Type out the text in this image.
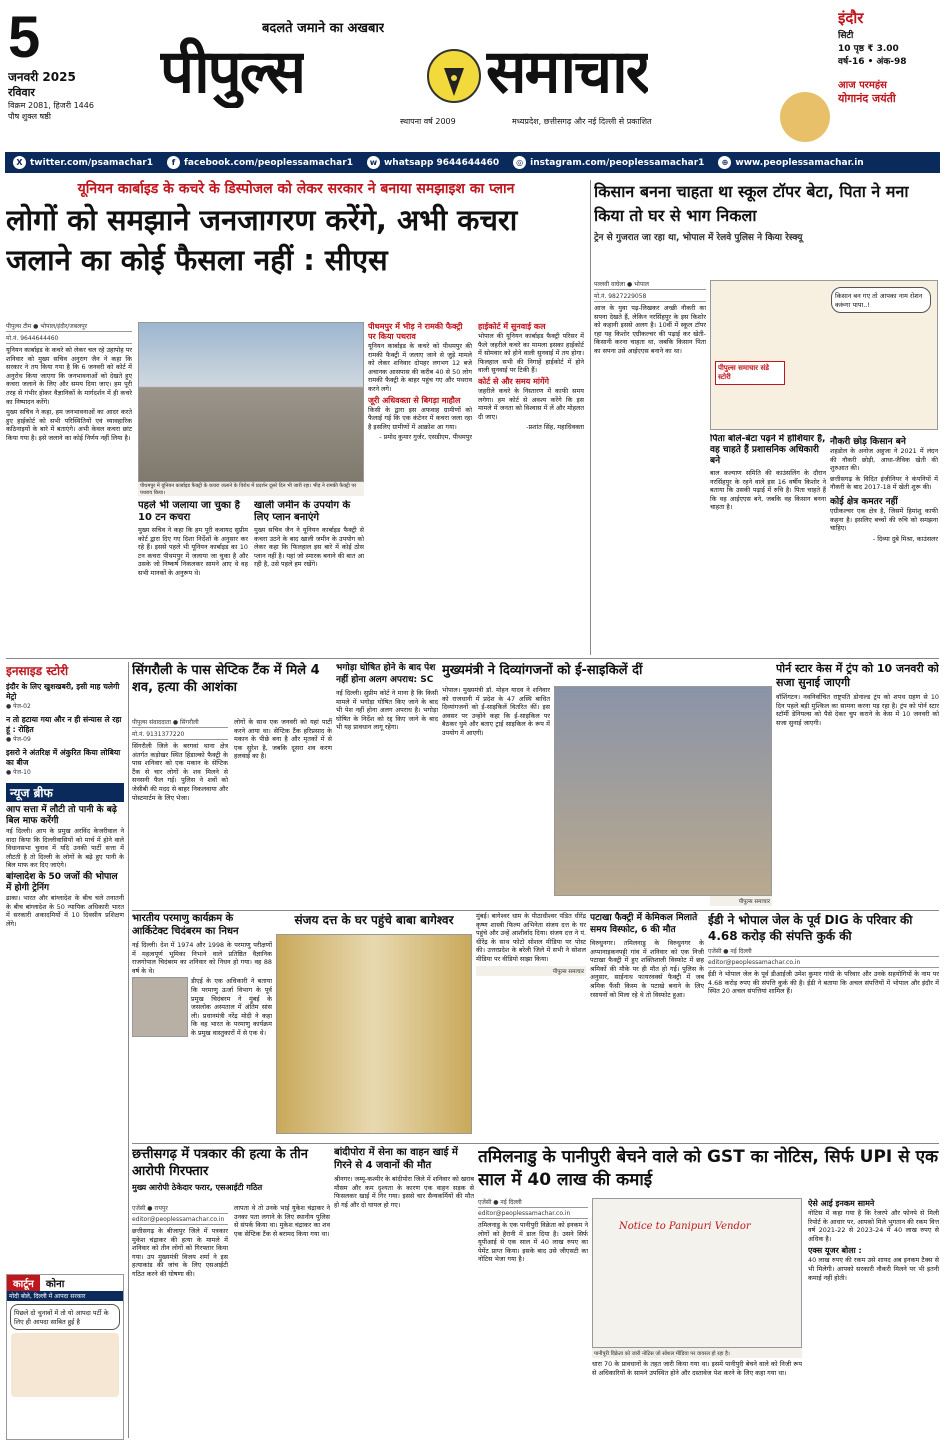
5
जनवरी 2025
रविवार
विक्रम 2081, हिजरी 1446
पौष शुक्ल षष्ठी
बदलते जमाने का अखबार
पीपुल्स	समाचार
स्थापना वर्ष 2009	मध्यप्रदेश, छत्तीसगढ़ और नई दिल्ली से प्रकाशित
इंदौर
सिटी
10 पृष्ठ ₹ 3.00
वर्ष-16 • अंक-98
आज परमहंस
योगानंद जयंती
X twitter.com/psamachar1	f facebook.com/peoplessamachar1	w whatsapp 9644644460	◎ instagram.com/peoplessamachar1	⊕ www.peoplessamachar.in
यूनियन कार्बाइड के कचरे के डिस्पोजल को लेकर सरकार ने बनाया समझाइश का प्लान
लोगों को समझाने जनजागरण करेंगे, अभी कचरा जलाने का कोई फैसला नहीं : सीएस
पीपुल्स टीम ● भोपाल/इंदौर/जबलपुर
मो.नं. 9644644460

यूनियन कार्बाइड के कचरे को लेकर चल रहे उहापोह पर शनिवार को मुख्य सचिव अनुराग जैन ने कहा कि सरकार ने तय किया गया है कि 6 जनवरी को कोर्ट में अनुरोध किया जाएगा कि जनभावनाओं को देखते हुए कचरा जलाने के लिए और समय दिया जाए। हम पूरी तरह से गंभीर होकर वैज्ञानिकों के मार्गदर्शन में ही कचरे का निष्पादन करेंगे।

मुख्य सचिव ने कहा, हम जनभावनाओं का आदर करते हुए हाईकोर्ट को सभी परिस्थितियों एवं व्यावहारिक कठिनाइयों के बारे में बताएंगे। अभी केवल कचरा छांट किया गया है। इसे जलाने का कोई निर्णय नहीं लिया है।

पीथमपुर में यूनियन कार्बाइड फैक्ट्री के कचरा जलाने के विरोध में प्रदर्शन दूसरे दिन भी जारी रहा। भीड़ ने रामकी फैक्ट्री पर पथराव किया।
पहले भी जलाया जा चुका है 10 टन कचरा

मुख्य सचिव ने कहा कि हम पूरी कवायद सुप्रीम कोर्ट द्वारा दिए गए दिशा निर्देशों के अनुसार कर रहे हैं। इससे पहले भी यूनियन कार्बाइड का 10 टन कचरा पीथमपुर में जलाया जा चुका है और उसके जो निष्कर्ष निकलकर सामने आए थे वह सभी मानकों के अनुरूप थे।

खाली जमीन के उपयोग के लिए प्लान बनाएंगे

मुख्य सचिव जैन ने यूनियन कार्बाइड फैक्ट्री से कचरा उठने के बाद खाली जमीन के उपयोग को लेकर कहा कि फिलहाल इस बारे में कोई ठोस प्लान नहीं है। यहां जो स्मारक बनाने की बात आ रही है, उसे पहले हम रखेंगे।

पीथमपुर में भीड़ ने रामकी फैक्ट्री पर किया पथराव

यूनियन कार्बाइड के कचरे को पीथमपुर की रामकी फैक्ट्री में जलाए जाने से जुड़े मामले को लेकर शनिवार दोपहर लगभग 12 बजे अचानक आसपास की करीब 40 से 50 लोग रामकी फैक्ट्री के बाहर पहुंच गए और पथराव करने लगे।

जूरी अधिवक्ता से बिगड़ा माहौल

किसी के द्वारा इस अफवाह ग्रामीणों को फैलाई गई कि एक कंटेनर में कचरा जला रहा है इसलिए ग्रामीणों में आक्रोश आ गया।

- प्रमोद कुमार गुर्जर, एसडीएम, पीथमपुर

हाईकोर्ट में सुनवाई कल

भोपाल की यूनियन कार्बाइड फैक्ट्री परिसर में फैले जहरीले कचरे का मामला इसका हाईकोर्ट में सोमवार को होने वाली सुनवाई में तय होगा। फिलहाल सभी की निगाहें हाईकोर्ट में होने वाली सुनवाई पर टिकी हैं।

कोर्ट से और समय मांगेंगे

जहरीले कचरे के निस्तारण में काफी समय लगेगा। हम कोर्ट से अवश्य करेंगे कि इस मामले में जनता को विश्वास में लें और मोहलत दी जाए।

-प्रशांत सिंह, महाधिवक्ता

किसान बनना चाहता था स्कूल टॉपर बेटा, पिता ने मना किया तो घर से भाग निकला
ट्रेन से गुजरात जा रहा था, भोपाल में रेलवे पुलिस ने किया रेस्क्यू
पल्लवी वाघेला ● भोपाल
मो.नं. 9827229058

आज के युवा पढ़-लिखकर अच्छी नौकरी का सपना देखते हैं, लेकिन नरसिंहपुर के इस किशोर को कहानी इससे अलग है। 10वीं में स्कूल टॉपर रहा यह किशोर एग्रीकल्चर की पढ़ाई कर खेती-किसानी करना चाहता था, जबकि किसान पिता का सपना उसे आईएएस बनाने का था।

किसान बन गए तो आपका नाम रोशन करूंगा पापा..!
पीपुल्स समाचार संडे स्टोरी
पिता बोले-बेटा पढ़ने में होशियार है, वह चाहते हैं प्रशासनिक अधिकारी बने

बाल कल्याण समिति की काउंसलिंग के दौरान नरसिंहपुर के रहने वाले इस 16 वर्षीय किशोर ने बताया कि उसकी पढ़ाई में रुचि है। पिता चाहते हैं कि वह आईएएस बने, जबकि वह किसान बनना चाहता है।

नौकरी छोड़ किसान बने

शहडोल के अनोज अहुजा ने 2021 में लंदन की नौकरी छोड़ी, आधा-जैविक खेती की शुरुआत की।

छत्तीसगढ़ के विदित इंजीनियर ने कंपनियों में नौकरी के बाद 2017-18 में खेती शुरू की।

कोई क्षेत्र कमतर नहीं

एग्रीकल्चर एक क्षेत्र है, जिसमें हिमांशु काफी कहना है। इसलिए बच्चों की रुचि को समझना चाहिए।

- दिव्या दुबे मिश्रा, काउंसलर

इनसाइड स्टोरी
इंदौर के लिए खुशखबरी, इसी माह चलेगी मेट्रो
● पेज-02
न तो हटाया गया और न ही संन्यास ले रहा हूं : रोहित
● पेज-09
इसरो ने अंतरिक्ष में अंकुरित किया लोबिया का बीज
● पेज-10
न्यूज ब्रीफ
आप सत्ता में लौटी तो पानी के बढ़े बिल माफ करेंगी

नई दिल्ली। आप के प्रमुख अरविंद केजरीवाल ने वादा किया कि दिल्लीवासियों को मार्च में होने वाले विधानसभा चुनाव में यदि उनकी पार्टी सत्ता में लौटती है तो दिल्ली के लोगों के बढ़े हुए पानी के बिल माफ कर दिए जाएंगे।

बांग्लादेश के 50 जजों की भोपाल में होगी ट्रेनिंग

ढाका। भारत और बांग्लादेश के बीच चले तनातनी के बीच बांग्लादेश के 50 न्यायिक अधिकारी भारत में सरकारी अकादमियों में 10 दिवसीय प्रशिक्षण लेंगे।

कार्टून	कोना
मोदी बोले, दिल्ली में आपदा सरकार
पिछले दो चुनावों में तो यो आपदा पर्टी के लिए ही आपदा साबित हुई है
सिंगरौली के पास सेप्टिक टैंक में मिले 4 शव, हत्या की आशंका
पीपुल्स संवाददाता ● सिंगरौली
मो.नं. 9131377220

सिंगरौली जिले के बरगवां थाना क्षेत्र अंतर्गत कड़ोखर स्थित हिंडाल्को फैक्ट्री के पास शनिवार को एक मकान के सेप्टिक टैंक से चार लोगों के शव मिलने से सनसनी फैल गई। पुलिस ने शवों को जेसीबी की मदद से बाहर निकलवाया और पोस्टमार्टम के लिए भेजा।

लोगों के साथ एक जनवरी को यहां पार्टी करने आया था। सेप्टिक टैंक हरिप्रसाद के मकान के पीछे बना है और मृतकों में से एक सुरेश है, जबकि दूसरा शव करण हलवाई का है।

भगोड़ा घोषित होने के बाद पेश नहीं होना अलग अपराध: SC

नई दिल्ली। सुप्रीम कोर्ट ने माना है कि किसी मामले में भगोड़ा घोषित किए जाने के बाद भी पेश नहीं होना अलग अपराध है। भगोड़ा घोषित के निर्देश को रद्द किए जाने के बाद भी यह प्रावधान लागू रहेगा।

मुख्यमंत्री ने दिव्यांगजनों को ई-साइकिलें दीं

भोपाल। मुख्यमंत्री डॉ. मोहन यादव ने शनिवार को राजधानी में प्रदेश के 47 अस्थि बाधित दिव्यांगजनों को ई-साइकिलें वितरित कीं। इस अवसर पर उन्होंने कहा कि ई-साइकिल पर बैठकर घुमे और बताए ट्राई साइकिल के रूप में उपयोग में आएगी।

पीपुल्स समाचार
पोर्न स्टार केस में ट्रंप को 10 जनवरी को सजा सुनाई जाएगी

वॉशिंगटन। नवनिर्वाचित राष्ट्रपति डोनाल्ड ट्रंप को शपथ ग्रहण से 10 दिन पहले बड़ी मुश्किल का सामना करना पड़ रहा है। ट्रंप को पोर्न स्टार स्टॉर्मी डेनियल्स को पैसे देकर चुप कराने के केस में 10 जनवरी को सजा सुनाई जाएगी।

भारतीय परमाणु कार्यक्रम के आर्किटेक्ट चिदंबरम का निधन

नई दिल्ली। देश में 1974 और 1998 के परमाणु परीक्षणों में महत्वपूर्ण भूमिका निभाने वाले प्रतिष्ठित वैज्ञानिक राजगोपाल चिदंबरम का शनिवार को निधन हो गया। वह 88 वर्ष के थे।

डीएई के एक अधिकारी ने बताया कि परमाणु ऊर्जा विभाग के पूर्व प्रमुख चिदंबरम ने मुंबई के जसलोक अस्पताल में अंतिम सांस ली। प्रधानमंत्री नरेंद्र मोदी ने कहा कि वह भारत के परमाणु कार्यक्रम के प्रमुख वास्तुकारों में से एक थे।

संजय दत्त के घर पहुंचे बाबा बागेश्वर	मुंबई। बागेश्वर धाम के पीठाधीश्वर पंडित धीरेंद्र कृष्ण शास्त्री फिल्म अभिनेता संजय दत्त के घर पहुंचे और उन्हें आशीर्वाद दिया। संजय दत्त ने पं. धीरेंद्र के साथ फोटो सोशल मीडिया पर पोस्ट की। उत्तरप्रदेश के बरेली जिले में सभी ने सोशल मीडिया पर वीडियो साझा किया।

पीपुल्स समाचार
पटाखा फैक्ट्री में केमिकल मिलाते समय विस्फोट, 6 की मौत

विरुधुनगर। तमिलनाडु के विरुधुनगर के अप्पानाइकनपट्टी गांव में शनिवार को एक निजी पटाखा फैक्ट्री में हुए शक्तिशाली विस्फोट में छह श्रमिकों की मौके पर ही मौत हो गई। पुलिस के अनुसार, साईनाथ फायरवर्क्स फैक्ट्री में जब श्रमिक फैंसी किस्म के पटाखे बनाने के लिए रसायनों को मिला रहे थे तो विस्फोट हुआ।

ईडी ने भोपाल जेल के पूर्व DIG के परिवार की 4.68 करोड़ की संपत्ति कुर्क की
एजेंसी ● नई दिल्ली
editor@peoplessamachar.co.in

ईडी ने भोपाल जेल के पूर्व डीआईजी उमेश कुमार गांधी के परिवार और उनके सहयोगियों के नाम पर 4.68 करोड़ रुपए की संपत्ति कुर्क की है। ईडी ने बताया कि अचल संपत्तियों में भोपाल और इंदौर में स्थित 20 अचल संपत्तियां शामिल हैं।

छत्तीसगढ़ में पत्रकार की हत्या के तीन आरोपी गिरफ्तार
मुख्य आरोपी ठेकेदार फरार, एसआईटी गठित
एजेंसी ● रायपुर
editor@peoplessamachar.co.in

छत्तीसगढ़ के बीजापुर जिले में पत्रकार मुकेश चंद्राकर की हत्या के मामले में शनिवार को तीन लोगों को गिरफ्तार किया गया। उप मुख्यमंत्री विजय शर्मा ने इस हत्याकांड की जांच के लिए एसआईटी गठित करने की घोषणा की।

लापता थे तो उनके भाई युकेश चंद्राकर ने उनका पता लगाने के लिए स्थानीय पुलिस से संपर्क किया था। मुकेश चंद्राकर का शव एक सेप्टिक टैंक से बरामद किया गया था।

बांदीपोरा में सेना का वाहन खाई में गिरने से 4 जवानों की मौत

श्रीनगर। जम्मू-कश्मीर के बांदीपोरा जिले में शनिवार को खराब मौसम और कम दृश्यता के कारण एक वाहन सड़क से फिसलकर खाई में गिर गया। इससे चार सैन्यकर्मियों की मौत हो गई और दो घायल हो गए।

तमिलनाडु के पानीपुरी बेचने वाले को GST का नोटिस, सिर्फ UPI से एक साल में 40 लाख की कमाई
एजेंसी ● नई दिल्ली
editor@peoplessamachar.co.in

तमिलनाडु के एक पानीपुरी विक्रेता को इनकम ने लोगों को हैरानी में डाल दिया है। उसने सिर्फ यूपीआई से एक साल में 40 लाख रुपए का पेमेंट प्राप्त किया। इसके बाद उसे जीएसटी का नोटिस भेजा गया है।

Notice to Panipuri Vendor
पानीपुरी विक्रेता को जारी नोटिस जो सोशल मीडिया पर वायरल हो रहा है।

धारा 70 के प्रावधानों के तहत जारी किया गया था। इसमें पानीपुरी बेचने वाले को निजी रूप से अधिकारियों के सामने उपस्थित होने और दस्तावेज पेश करने के लिए कहा गया था।

ऐसे आई इनकम सामने

नोटिस में कहा गया है कि रेजरपे और फोनपे से मिली रिपोर्ट के आधार पर, आपको मिले भुगतान की रकम वित्त वर्ष 2021-22 से 2023-24 में 40 लाख रुपए से अधिक है।

एक्स यूजर बोला :

40 लाख रुपए की रकम उसे शायद अब इनकम टैक्स से भी मिलेगी। आपको सरकारी नौकरी मिलने पर भी इतनी कमाई नहीं होती।
